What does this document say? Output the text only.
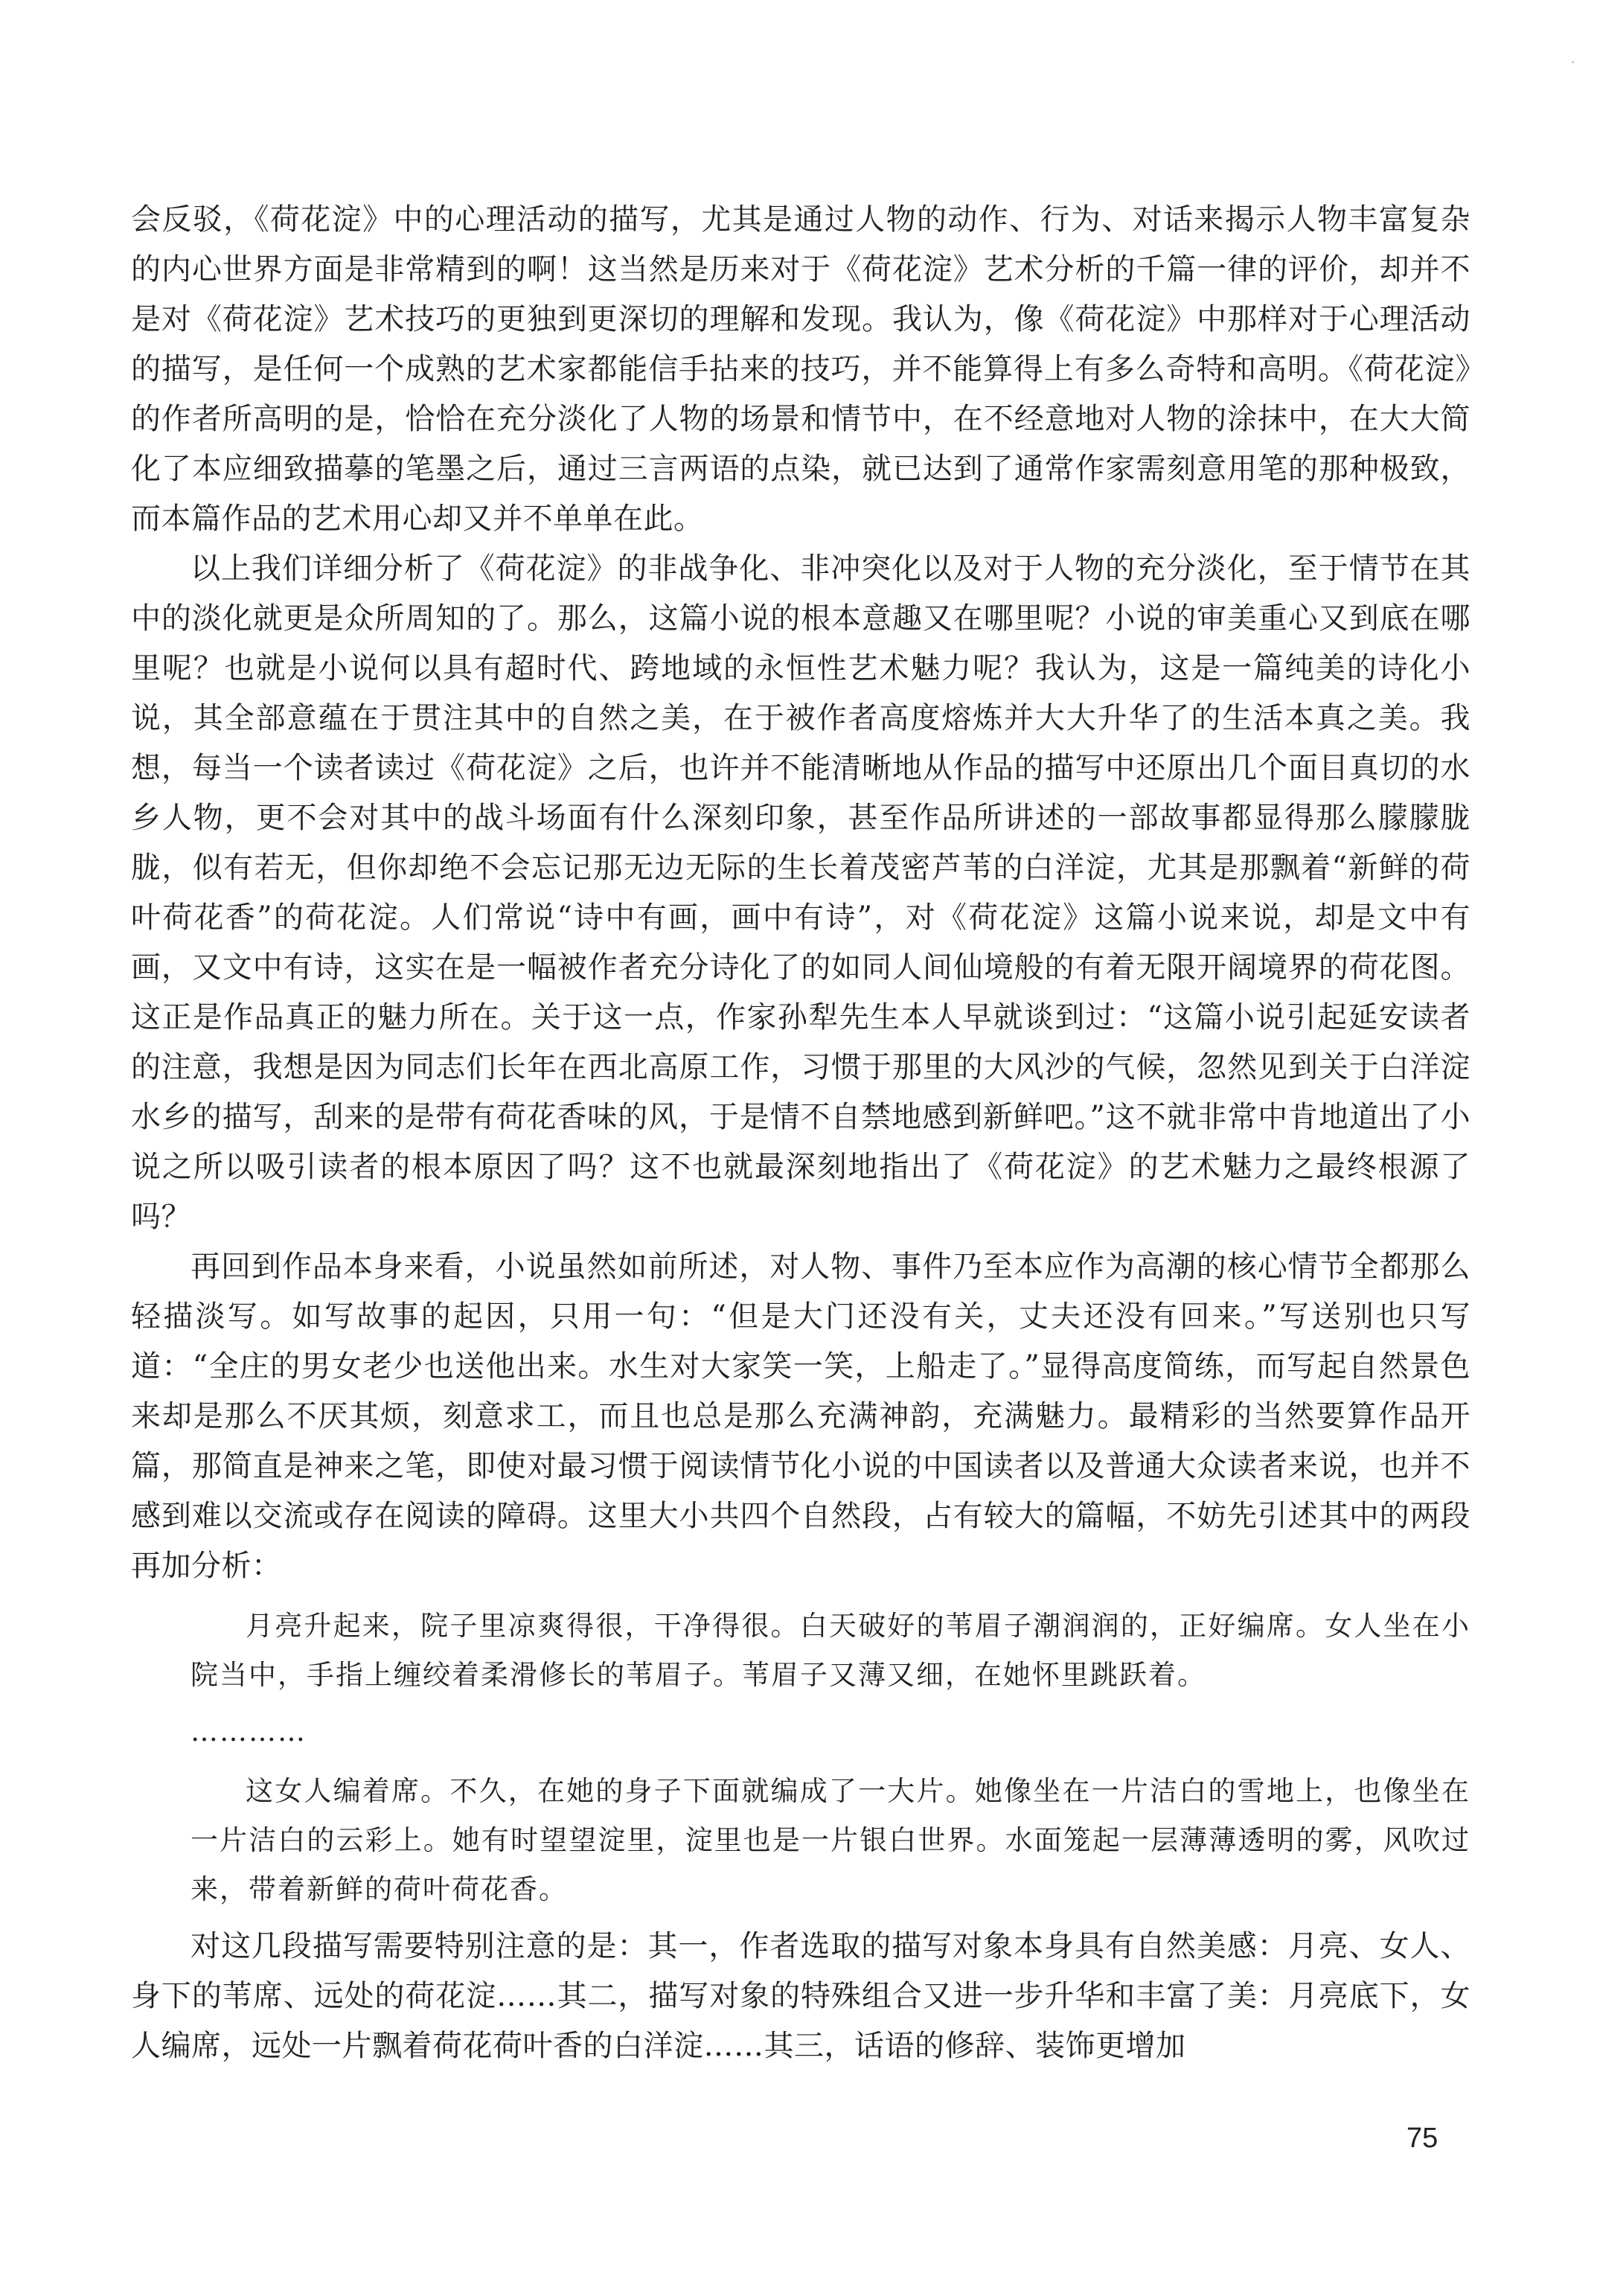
会反驳，《荷花淀》中的心理活动的描写，尤其是通过人物的动作、行为、对话来揭示人物丰富复杂的内心世界方面是非常精到的啊！这当然是历来对于《荷花淀》艺术分析的千篇一律的评价，却并不是对《荷花淀》艺术技巧的更独到更深切的理解和发现。我认为，像《荷花淀》中那样对于心理活动的描写，是任何一个成熟的艺术家都能信手拈来的技巧，并不能算得上有多么奇特和高明。《荷花淀》的作者所高明的是，恰恰在充分淡化了人物的场景和情节中，在不经意地对人物的涂抹中，在大大简化了本应细致描摹的笔墨之后，通过三言两语的点染，就已达到了通常作家需刻意用笔的那种极致，而本篇作品的艺术用心却又并不单单在此。

以上我们详细分析了《荷花淀》的非战争化、非冲突化以及对于人物的充分淡化，至于情节在其中的淡化就更是众所周知的了。那么，这篇小说的根本意趣又在哪里呢？小说的审美重心又到底在哪里呢？也就是小说何以具有超时代、跨地域的永恒性艺术魅力呢？我认为，这是一篇纯美的诗化小说，其全部意蕴在于贯注其中的自然之美，在于被作者高度熔炼并大大升华了的生活本真之美。我想，每当一个读者读过《荷花淀》之后，也许并不能清晰地从作品的描写中还原出几个面目真切的水乡人物，更不会对其中的战斗场面有什么深刻印象，甚至作品所讲述的一部故事都显得那么朦朦胧胧，似有若无，但你却绝不会忘记那无边无际的生长着茂密芦苇的白洋淀，尤其是那飘着“新鲜的荷叶荷花香”的荷花淀。人们常说“诗中有画，画中有诗”，对《荷花淀》这篇小说来说，却是文中有画，又文中有诗，这实在是一幅被作者充分诗化了的如同人间仙境般的有着无限开阔境界的荷花图。这正是作品真正的魅力所在。关于这一点，作家孙犁先生本人早就谈到过：“这篇小说引起延安读者的注意，我想是因为同志们长年在西北高原工作，习惯于那里的大风沙的气候，忽然见到关于白洋淀水乡的描写，刮来的是带有荷花香味的风，于是情不自禁地感到新鲜吧。”这不就非常中肯地道出了小说之所以吸引读者的根本原因了吗？这不也就最深刻地指出了《荷花淀》的艺术魅力之最终根源了吗？

再回到作品本身来看，小说虽然如前所述，对人物、事件乃至本应作为高潮的核心情节全都那么轻描淡写。如写故事的起因，只用一句：“但是大门还没有关，丈夫还没有回来。”写送别也只写道：“全庄的男女老少也送他出来。水生对大家笑一笑，上船走了。”显得高度简练，而写起自然景色来却是那么不厌其烦，刻意求工，而且也总是那么充满神韵，充满魅力。最精彩的当然要算作品开篇，那简直是神来之笔，即使对最习惯于阅读情节化小说的中国读者以及普通大众读者来说，也并不感到难以交流或存在阅读的障碍。这里大小共四个自然段，占有较大的篇幅，不妨先引述其中的两段再加分析：

月亮升起来，院子里凉爽得很，干净得很。白天破好的苇眉子潮润润的，正好编席。女人坐在小院当中，手指上缠绞着柔滑修长的苇眉子。苇眉子又薄又细，在她怀里跳跃着。

…………

这女人编着席。不久，在她的身子下面就编成了一大片。她像坐在一片洁白的雪地上，也像坐在一片洁白的云彩上。她有时望望淀里，淀里也是一片银白世界。水面笼起一层薄薄透明的雾，风吹过来，带着新鲜的荷叶荷花香。

对这几段描写需要特别注意的是：其一，作者选取的描写对象本身具有自然美感：月亮、女人、身下的苇席、远处的荷花淀……其二，描写对象的特殊组合又进一步升华和丰富了美：月亮底下，女人编席，远处一片飘着荷花荷叶香的白洋淀……其三，话语的修辞、装饰更增加

75
